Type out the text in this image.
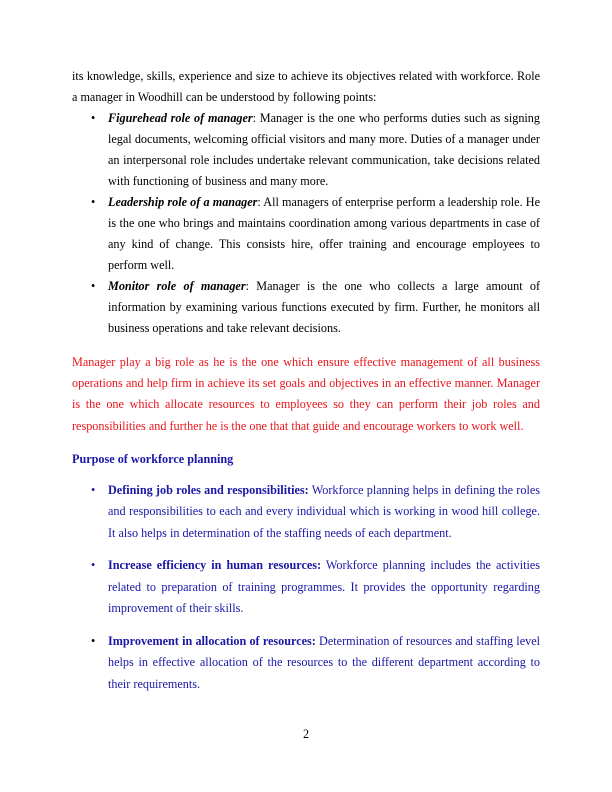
its knowledge, skills, experience and size to achieve its objectives related with workforce. Role a manager in Woodhill can be understood by following points:

• Figurehead role of manager: Manager is the one who performs duties such as signing legal documents, welcoming official visitors and many more. Duties of a manager under an interpersonal role includes undertake relevant communication, take decisions related with functioning of business and many more.
• Leadership role of a manager: All managers of enterprise perform a leadership role. He is the one who brings and maintains coordination among various departments in case of any kind of change. This consists hire, offer training and encourage employees to perform well.
• Monitor role of manager: Manager is the one who collects a large amount of information by examining various functions executed by firm. Further, he monitors all business operations and take relevant decisions.

Manager play a big role as he is the one which ensure effective management of all business operations and help firm in achieve its set goals and objectives in an effective manner. Manager is the one which allocate resources to employees so they can perform their job roles and responsibilities and further he is the one that that guide and encourage workers to work well.

Purpose of workforce planning

• Defining job roles and responsibilities: Workforce planning helps in defining the roles and responsibilities to each and every individual which is working in wood hill college. It also helps in determination of the staffing needs of each department.
• Increase efficiency in human resources: Workforce planning includes the activities related to preparation of training programmes. It provides the opportunity regarding improvement of their skills.
• Improvement in allocation of resources: Determination of resources and staffing level helps in effective allocation of the resources to the different department according to their requirements.
2
